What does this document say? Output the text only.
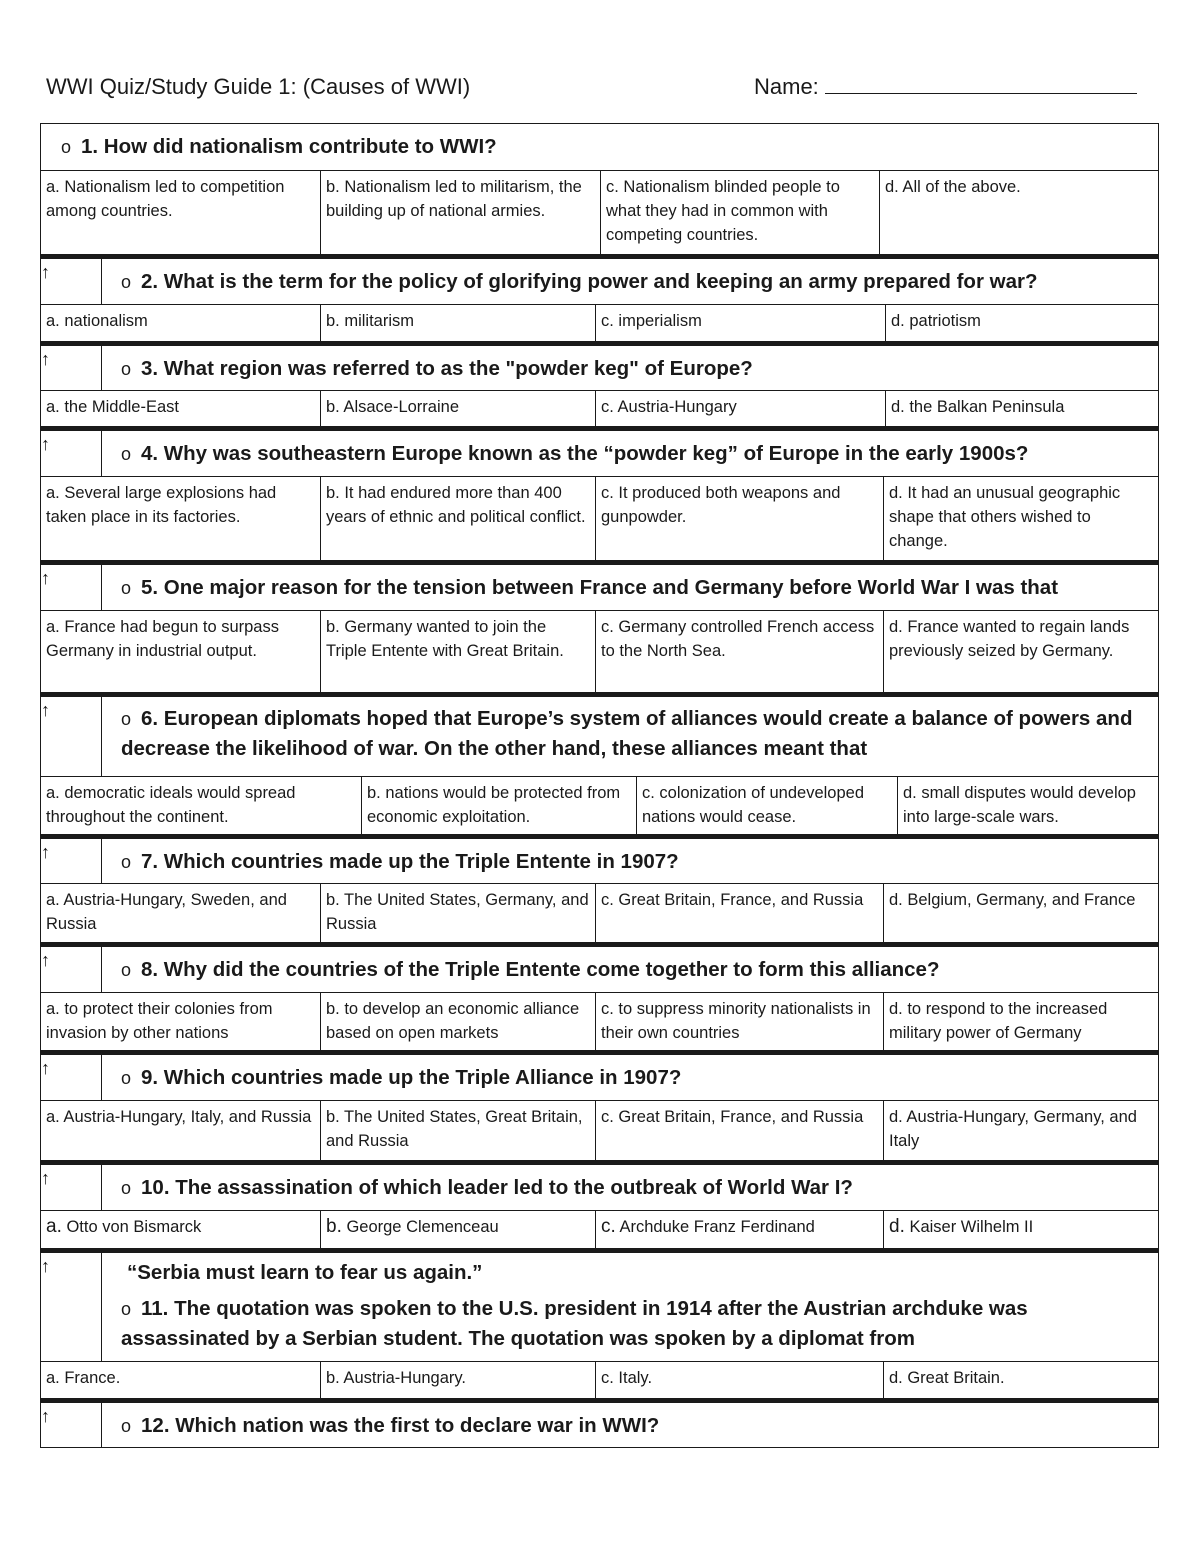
WWI Quiz/Study Guide 1: (Causes of WWI)	Name:
o 1. How did nationalism contribute to WWI?
a. Nationalism led to competition among countries.
b. Nationalism led to militarism, the building up of national armies.
c. Nationalism blinded people to what they had in common with competing countries.
d. All of the above.
↑	o 2. What is the term for the policy of glorifying power and keeping an army prepared for war?
a. nationalism	b. militarism	c. imperialism	d. patriotism
↑	o 3. What region was referred to as the "powder keg" of Europe?
a. the Middle-East	b. Alsace-Lorraine	c. Austria-Hungary	d. the Balkan Peninsula
↑	o 4. Why was southeastern Europe known as the “powder keg” of Europe in the early 1900s?
a. Several large explosions had taken place in its factories.
b. It had endured more than 400 years of ethnic and political conflict.
c. It produced both weapons and gunpowder.
d. It had an unusual geographic shape that others wished to change.
↑	o 5. One major reason for the tension between France and Germany before World War I was that
a. France had begun to surpass Germany in industrial output.
b. Germany wanted to join the Triple Entente with Great Britain.
c. Germany controlled French access to the North Sea.
d. France wanted to regain lands previously seized by Germany.
↑	o 6. European diplomats hoped that Europe’s system of alliances would create a balance of powers and
decrease the likelihood of war. On the other hand, these alliances meant that
a. democratic ideals would spread throughout the continent.
b. nations would be protected from economic exploitation.
c. colonization of undeveloped nations would cease.
d. small disputes would develop into large-scale wars.
↑	o 7. Which countries made up the Triple Entente in 1907?
a. Austria-Hungary, Sweden, and Russia
b. The United States, Germany, and Russia
c. Great Britain, France, and Russia	d. Belgium, Germany, and France
↑	o 8. Why did the countries of the Triple Entente come together to form this alliance?
a. to protect their colonies from invasion by other nations
b. to develop an economic alliance based on open markets
c. to suppress minority nationalists in their own countries
d. to respond to the increased military power of Germany
↑	o 9. Which countries made up the Triple Alliance in 1907?
a. Austria-Hungary, Italy, and Russia b. The United States, Great Britain, and Russia
c. Great Britain, France, and Russia	d. Austria-Hungary, Germany, and Italy
↑	o 10. The assassination of which leader led to the outbreak of World War I?
a. Otto von Bismarck	b. George Clemenceau	c. Archduke Franz Ferdinand	d. Kaiser Wilhelm II
↑	“Serbia must learn to fear us again.”
o 11. The quotation was spoken to the U.S. president in 1914 after the Austrian archduke was
assassinated by a Serbian student. The quotation was spoken by a diplomat from
a. France.	b. Austria-Hungary.	c. Italy.	d. Great Britain.
↑	o 12. Which nation was the first to declare war in WWI?
